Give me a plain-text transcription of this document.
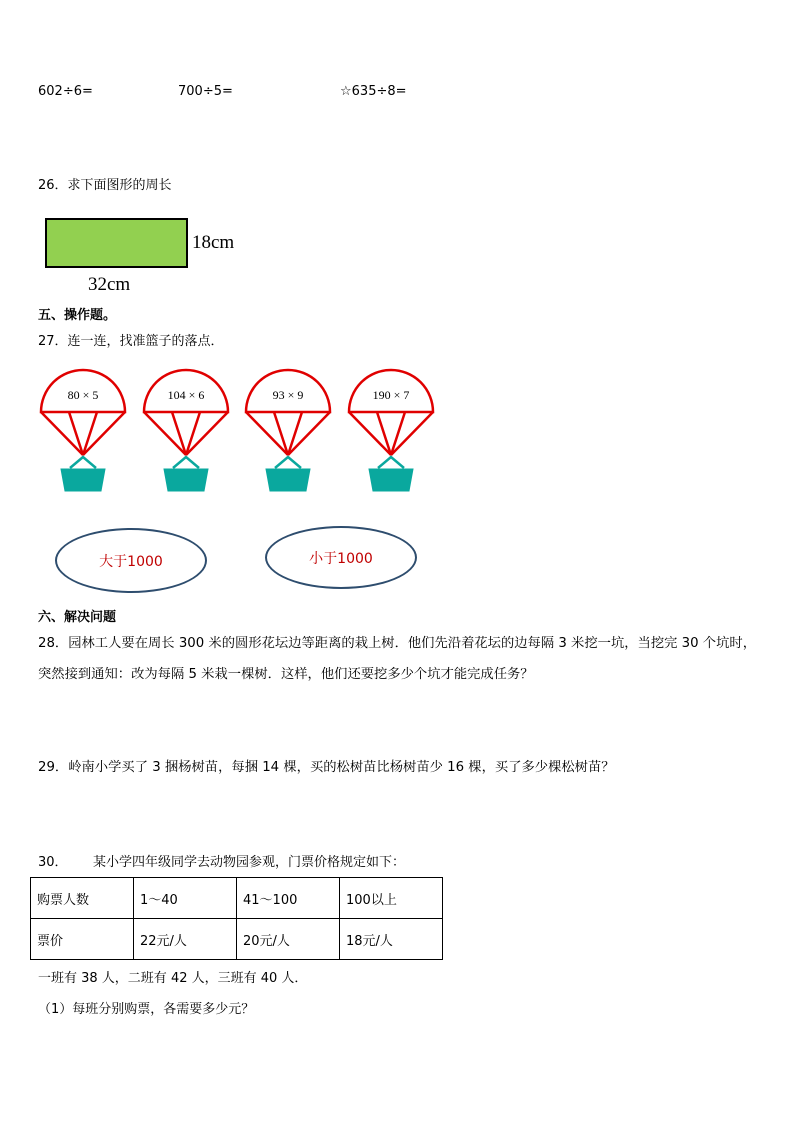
602÷6=	700÷5=	☆635÷8=
26．求下面图形的周长
18cm
32cm
五、操作题。
27．连一连，找准篮子的落点．
80 × 5	104 × 6	93 × 9	190 × 7
大于1000	小于1000
六、解决问题
28．园林工人要在周长 300 米的圆形花坛边等距离的栽上树．他们先沿着花坛的边每隔 3 米挖一坑，当挖完 30 个坑时，
突然接到通知：改为每隔 5 米栽一棵树．这样，他们还要挖多少个坑才能完成任务？
29．岭南小学买了 3 捆杨树苗，每捆 14 棵，买的松树苗比杨树苗少 16 棵，买了多少棵松树苗？
30． 某小学四年级同学去动物园参观，门票价格规定如下：
购票人数	1～40	41～100	100以上
票价	22元/人	20元/人	18元/人
一班有 38 人，二班有 42 人，三班有 40 人．
（1）每班分别购票，各需要多少元？
